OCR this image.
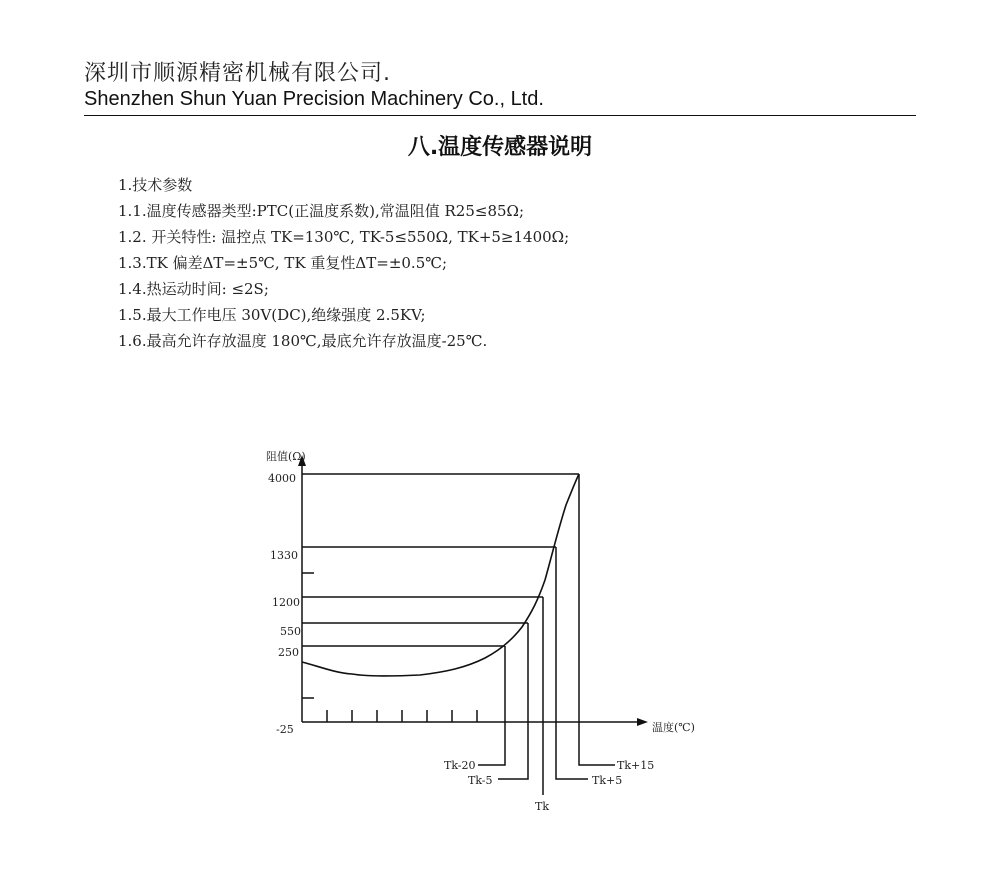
深圳市顺源精密机械有限公司.
Shenzhen Shun Yuan Precision Machinery Co., Ltd.
八.温度传感器说明
1.技术参数
1.1.温度传感器类型:PTC(正温度系数),常温阻值 R25≤85Ω;
1.2. 开关特性: 温控点 TK=130℃, TK-5≤550Ω, TK+5≥1400Ω;
1.3.TK 偏差ΔT=±5℃, TK 重复性ΔT=±0.5℃;
1.4.热运动时间: ≤2S;
1.5.最大工作电压 30V(DC),绝缘强度 2.5KV;
1.6.最高允许存放温度 180℃,最底允许存放温度-25℃.
阻值(Ω)
温度(℃)
4000
1330
1200
550
250
-25
Tk-20
Tk-5
Tk
Tk+5
Tk+15
